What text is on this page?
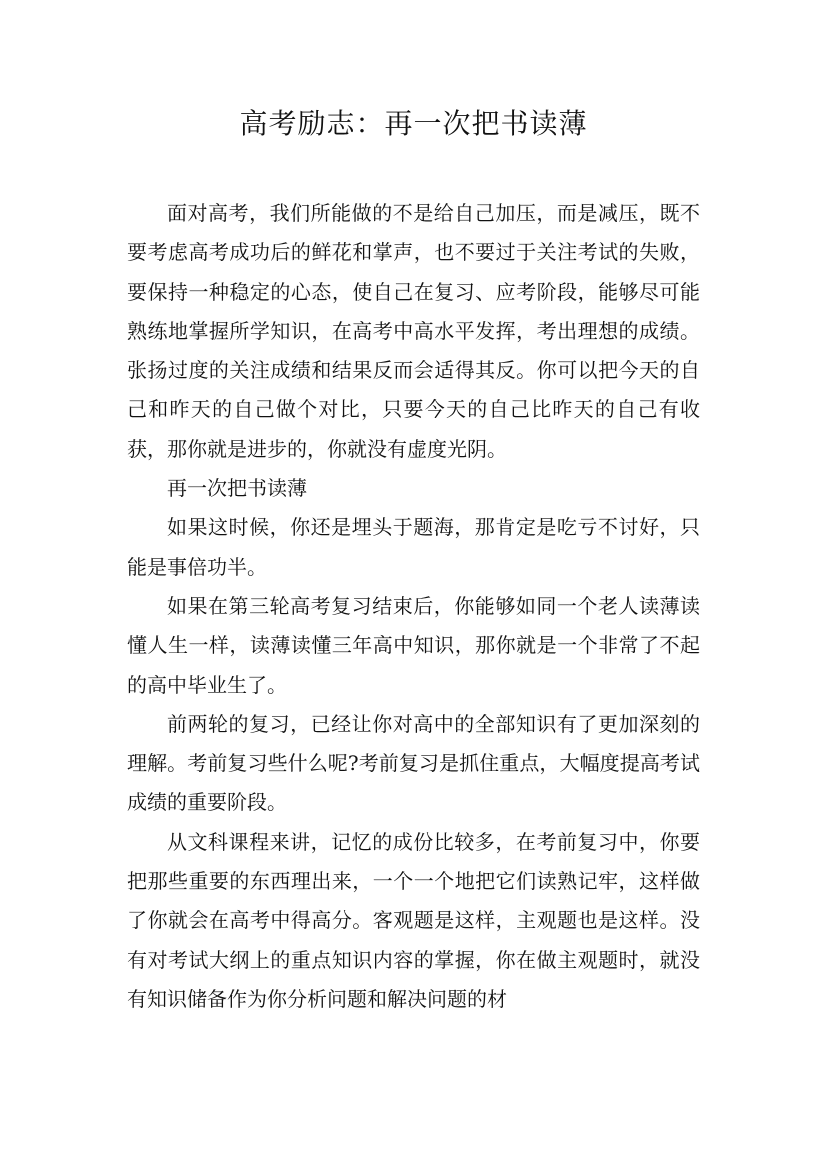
高考励志：再一次把书读薄

面对高考，我们所能做的不是给自己加压，而是减压，既不要考虑高考成功后的鲜花和掌声，也不要过于关注考试的失败，要保持一种稳定的心态，使自己在复习、应考阶段，能够尽可能熟练地掌握所学知识，在高考中高水平发挥，考出理想的成绩。张扬过度的关注成绩和结果反而会适得其反。你可以把今天的自己和昨天的自己做个对比，只要今天的自己比昨天的自己有收获，那你就是进步的，你就没有虚度光阴。

再一次把书读薄

如果这时候，你还是埋头于题海，那肯定是吃亏不讨好，只能是事倍功半。

如果在第三轮高考复习结束后，你能够如同一个老人读薄读懂人生一样，读薄读懂三年高中知识，那你就是一个非常了不起的高中毕业生了。

前两轮的复习，已经让你对高中的全部知识有了更加深刻的理解。考前复习些什么呢?考前复习是抓住重点，大幅度提高考试成绩的重要阶段。

从文科课程来讲，记忆的成份比较多，在考前复习中，你要把那些重要的东西理出来，一个一个地把它们读熟记牢，这样做了你就会在高考中得高分。客观题是这样，主观题也是这样。没有对考试大纲上的重点知识内容的掌握，你在做主观题时，就没有知识储备作为你分析问题和解决问题的材
